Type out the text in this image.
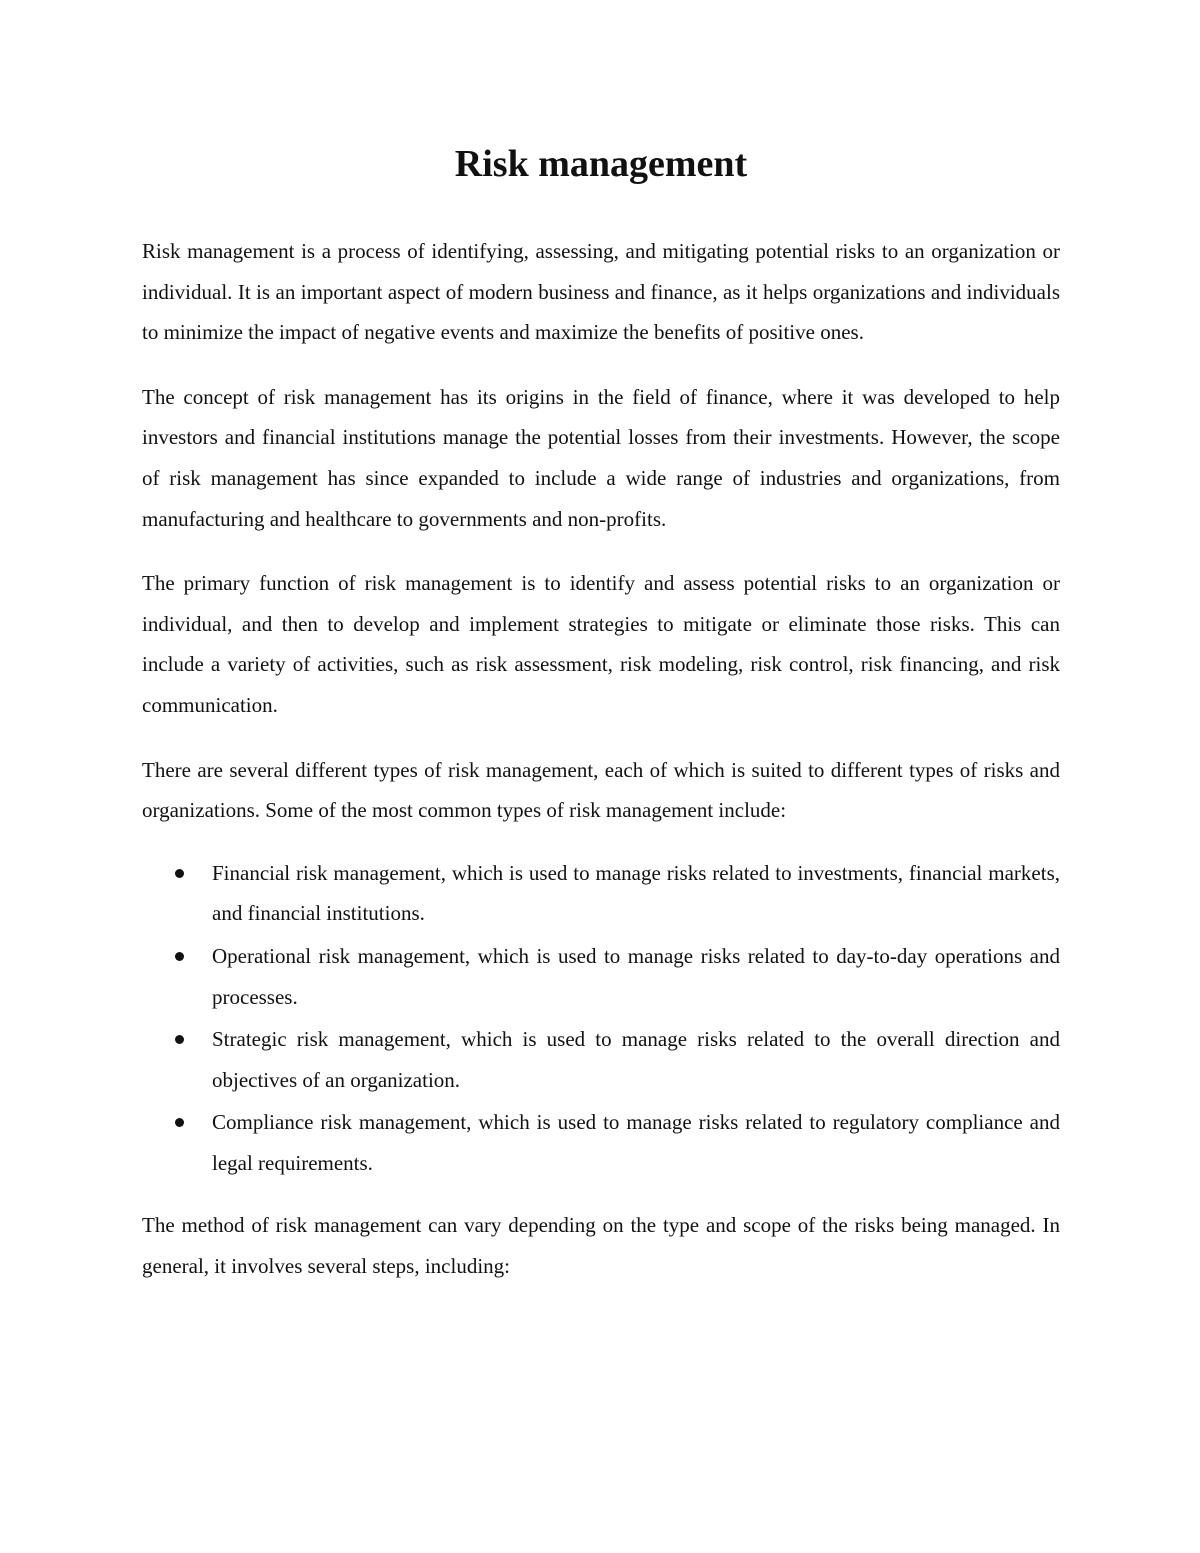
Risk management

Risk management is a process of identifying, assessing, and mitigating potential risks to an organization or individual. It is an important aspect of modern business and finance, as it helps organizations and individuals to minimize the impact of negative events and maximize the benefits of positive ones.

The concept of risk management has its origins in the field of finance, where it was developed to help investors and financial institutions manage the potential losses from their investments. However, the scope of risk management has since expanded to include a wide range of industries and organizations, from manufacturing and healthcare to governments and non-profits.

The primary function of risk management is to identify and assess potential risks to an organization or individual, and then to develop and implement strategies to mitigate or eliminate those risks. This can include a variety of activities, such as risk assessment, risk modeling, risk control, risk financing, and risk communication.

There are several different types of risk management, each of which is suited to different types of risks and organizations. Some of the most common types of risk management include:

Financial risk management, which is used to manage risks related to investments, financial markets, and financial institutions.
Operational risk management, which is used to manage risks related to day-to-day operations and processes.
Strategic risk management, which is used to manage risks related to the overall direction and objectives of an organization.
Compliance risk management, which is used to manage risks related to regulatory compliance and legal requirements.

The method of risk management can vary depending on the type and scope of the risks being managed. In general, it involves several steps, including:
